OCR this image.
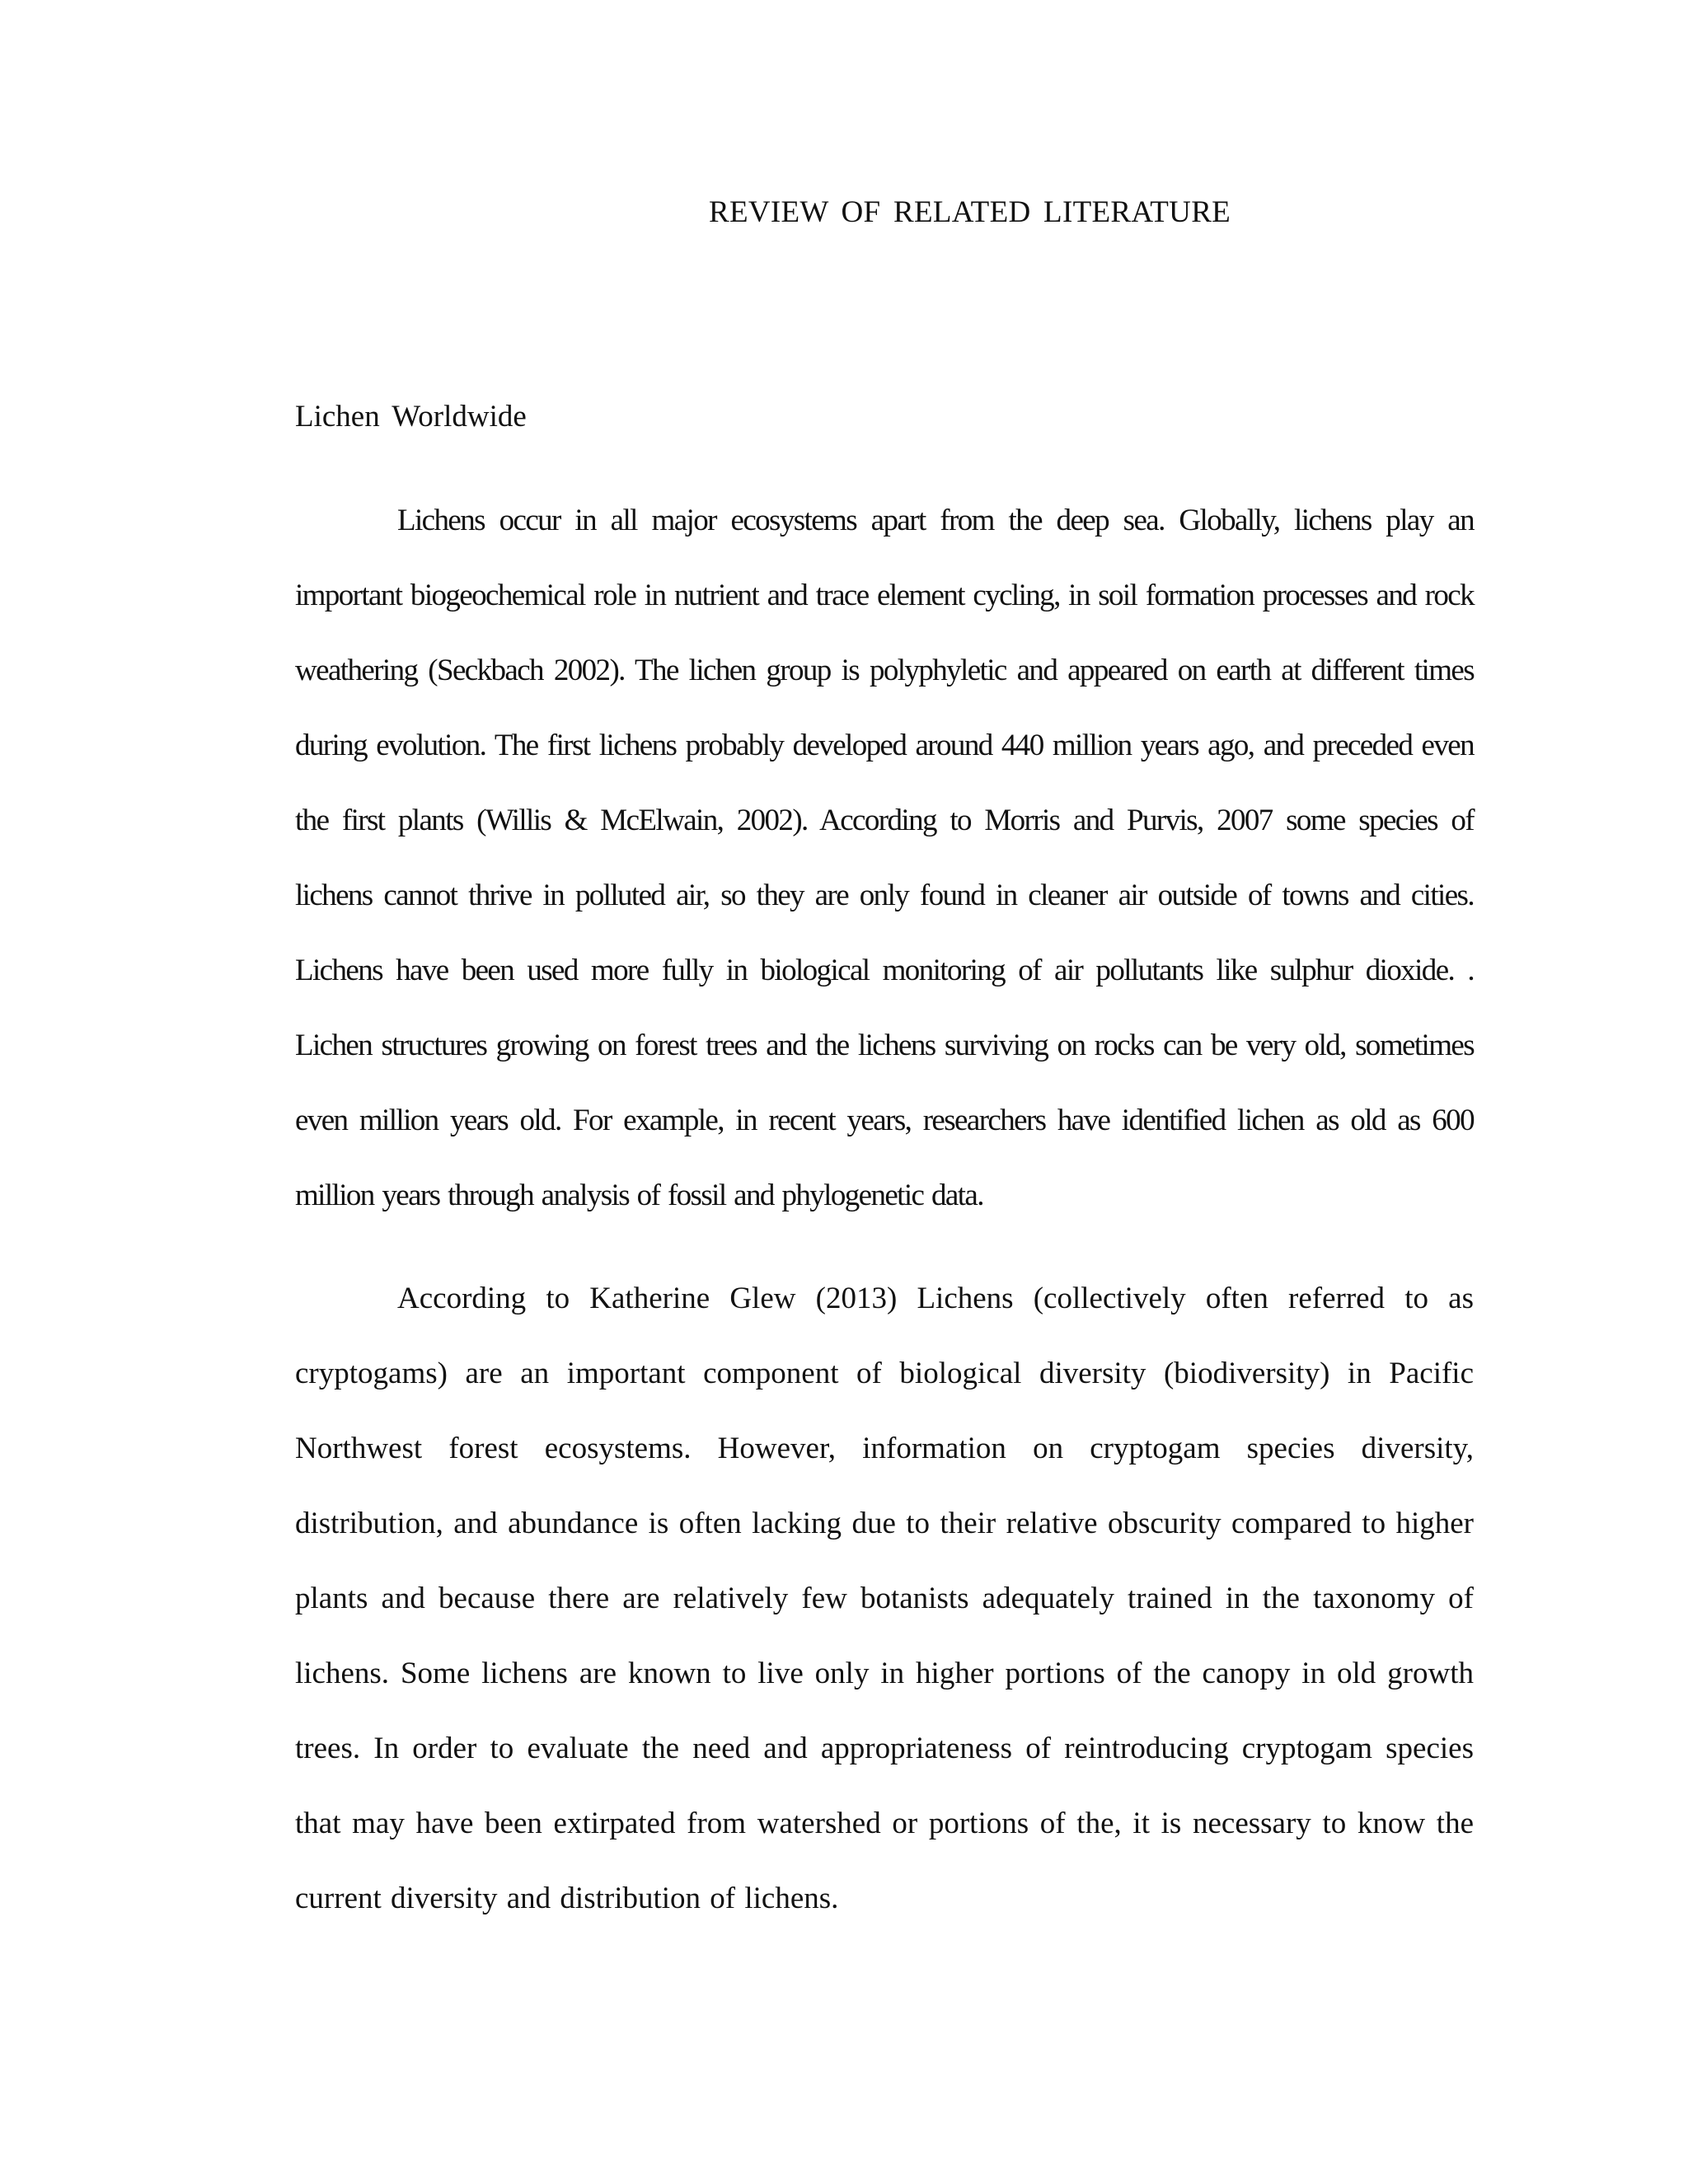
REVIEW OF RELATED LITERATURE
Lichen Worldwide

Lichens occur in all major ecosystems apart from the deep sea. Globally, lichens play an important biogeochemical role in nutrient and trace element cycling, in soil formation processes and rock weathering (Seckbach 2002). The lichen group is polyphyletic and appeared on earth at different times during evolution. The first lichens probably developed around 440 million years ago, and preceded even the first plants (Willis & McElwain, 2002). According to Morris and Purvis, 2007 some species of lichens cannot thrive in polluted air, so they are only found in cleaner air outside of towns and cities. Lichens have been used more fully in biological monitoring of air pollutants like sulphur dioxide. . Lichen structures growing on forest trees and the lichens surviving on rocks can be very old, sometimes even million years old. For example, in recent years, researchers have identified lichen as old as 600 million years through analysis of fossil and phylogenetic data.

According to Katherine Glew (2013) Lichens (collectively often referred to as cryptogams) are an important component of biological diversity (biodiversity) in Pacific Northwest forest ecosystems. However, information on cryptogam species diversity, distribution, and abundance is often lacking due to their relative obscurity compared to higher plants and because there are relatively few botanists adequately trained in the taxonomy of lichens. Some lichens are known to live only in higher portions of the canopy in old growth trees. In order to evaluate the need and appropriateness of reintroducing cryptogam species that may have been extirpated from watershed or portions of the, it is necessary to know the current diversity and distribution of lichens.
